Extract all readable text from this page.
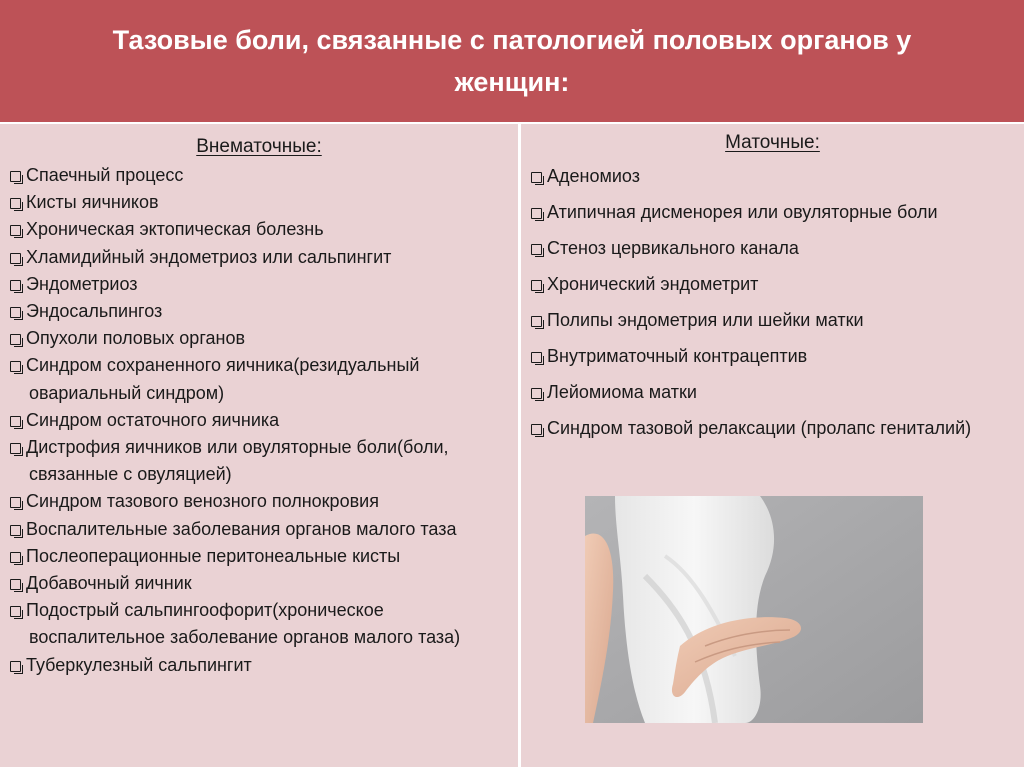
Тазовые боли, связанные с патологией половых органов у женщин:

Внематочные:

Спаечный процесс
Кисты яичников
Хроническая эктопическая болезнь
Хламидийный эндометриоз или сальпингит
Эндометриоз
Эндосальпингоз
Опухоли половых органов
Синдром сохраненного яичника(резидуальный овариальный синдром)
Синдром остаточного яичника
Дистрофия яичников или овуляторные боли(боли, связанные с овуляцией)
Синдром тазового венозного полнокровия
Воспалительные заболевания органов малого таза
Послеоперационные перитонеальные кисты
Добавочный яичник
Подострый сальпингоофорит(хроническое воспалительное заболевание органов малого таза)
Туберкулезный сальпингит

Маточные:

Аденомиоз
Атипичная дисменорея или овуляторные боли
Стеноз цервикального канала
Хронический эндометрит
Полипы эндометрия или шейки матки
Внутриматочный контрацептив
Лейомиома матки
Синдром тазовой релаксации (пролапс гениталий)
